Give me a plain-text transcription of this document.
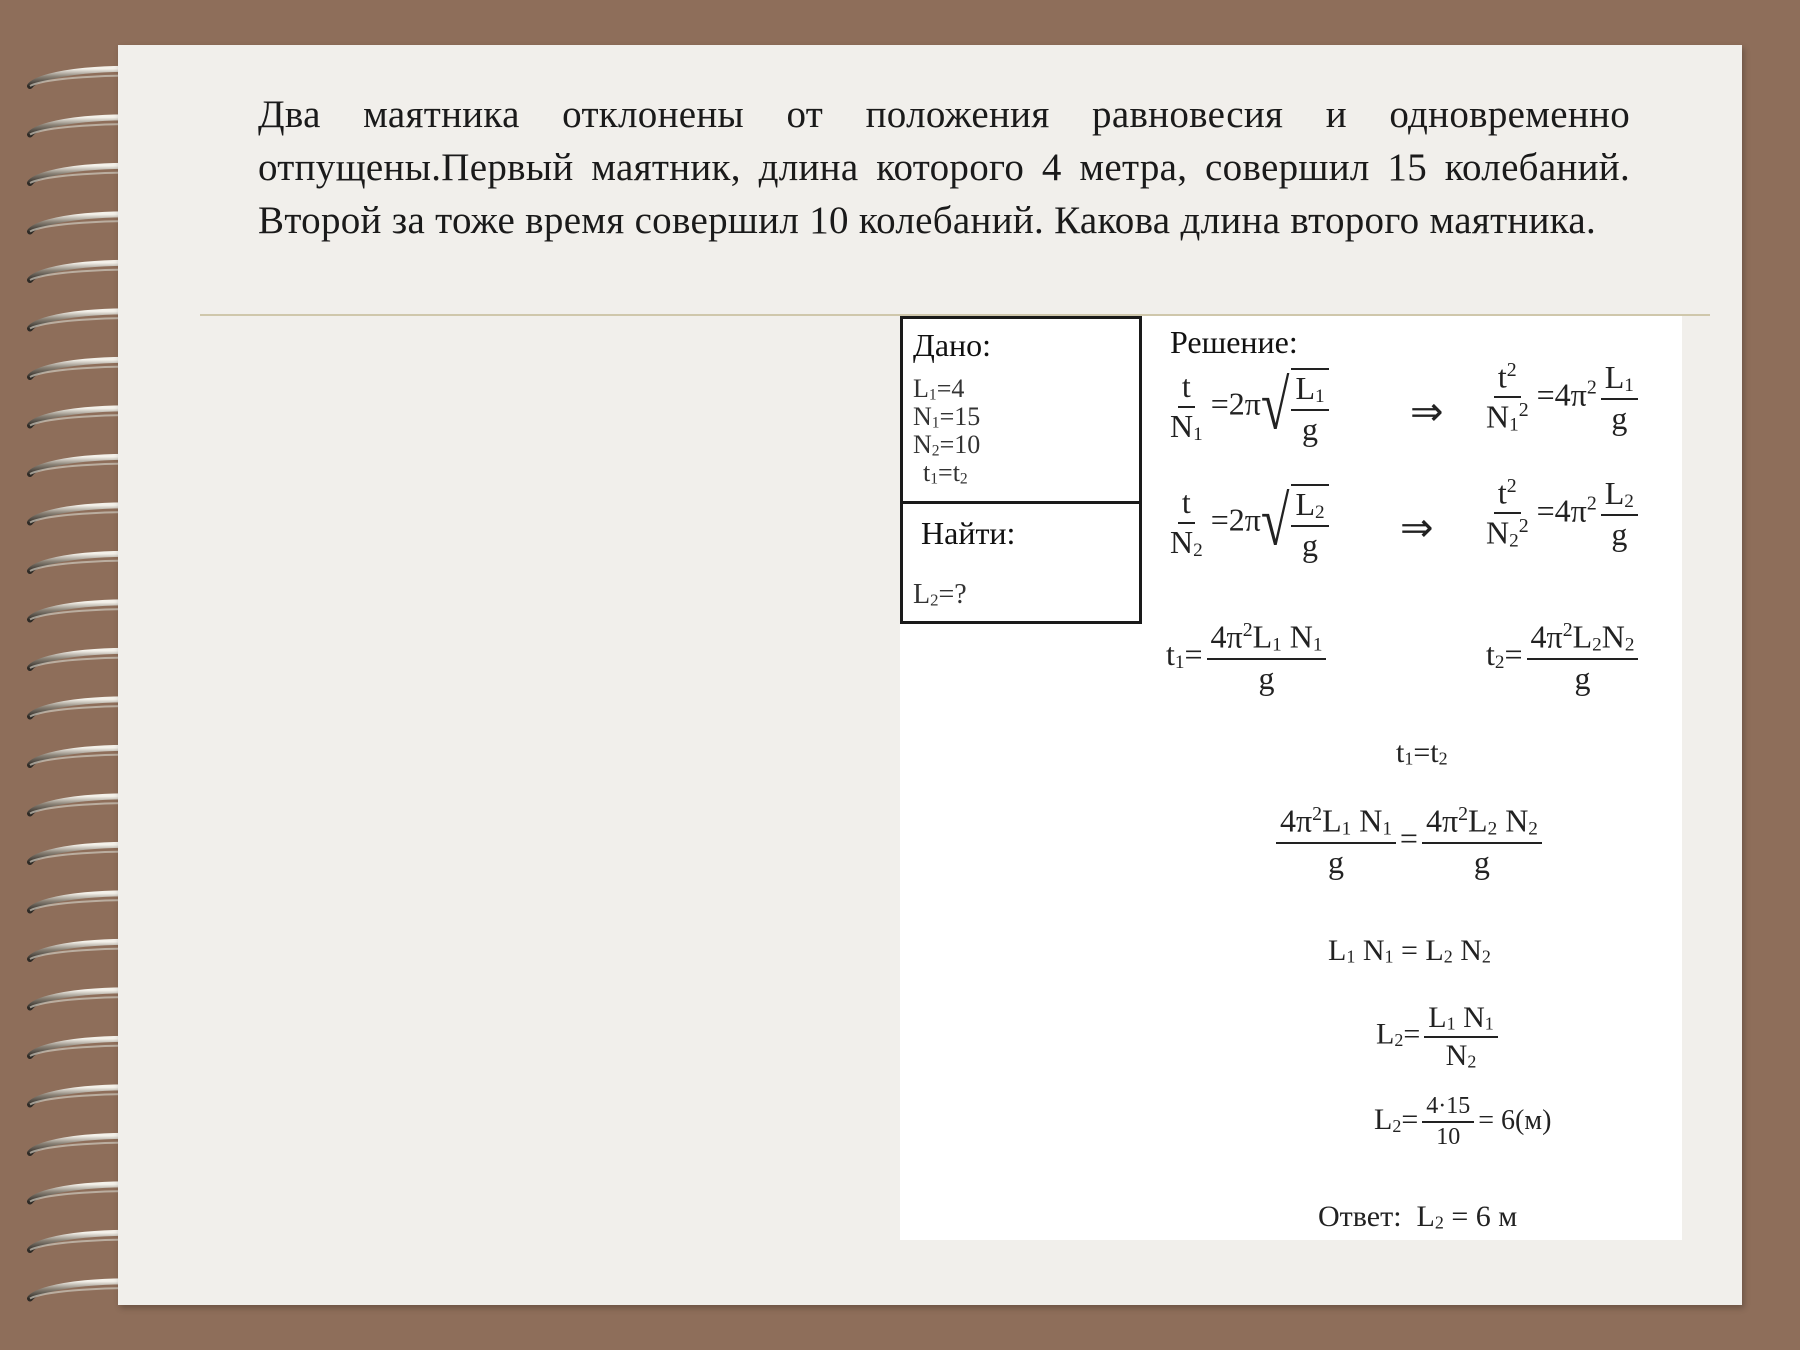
Два маятника отклонены от положения равновесия и одновременно отпущены.Первый маятник, длина которого 4 метра, совершил 15 колебаний. Второй за тоже время совершил 10 колебаний. Какова длина второго маятника.
Дано:
$L_1=4$
$N_1=15$
$N_2=10$
$t_1=t_2$
Найти:
$L_2=$?
Решение:
$\frac{t}{N_1} =2\pi$ √ $\frac{L_1}{g}$ ⇒ $\frac{t^2}{N_1^2} =4\pi^2 \frac{L_1}{g}$
$\frac{t}{N_2} =2\pi$ √ $\frac{L_2}{g}$ ⇒ $\frac{t^2}{N_2^2} =4\pi^2 \frac{L_2}{g}$
$t_1= \frac{4\pi^2L_1 N_1}{g}$	$t_2= \frac{4\pi^2L_2N_2}{g}$
$t_1=t_2$
$\frac{4\pi^2L_1 N_1}{g} = \frac{4\pi^2L_2 N_2}{g}$
$L_1$ $N_1 = L_2$ $N_2$
$L_2= \frac{L_1 N_1}{N_2}$
$L_2= \frac{4\cdot 15}{10} = 6(м)$
Ответ: $L_2 = 6$ м
